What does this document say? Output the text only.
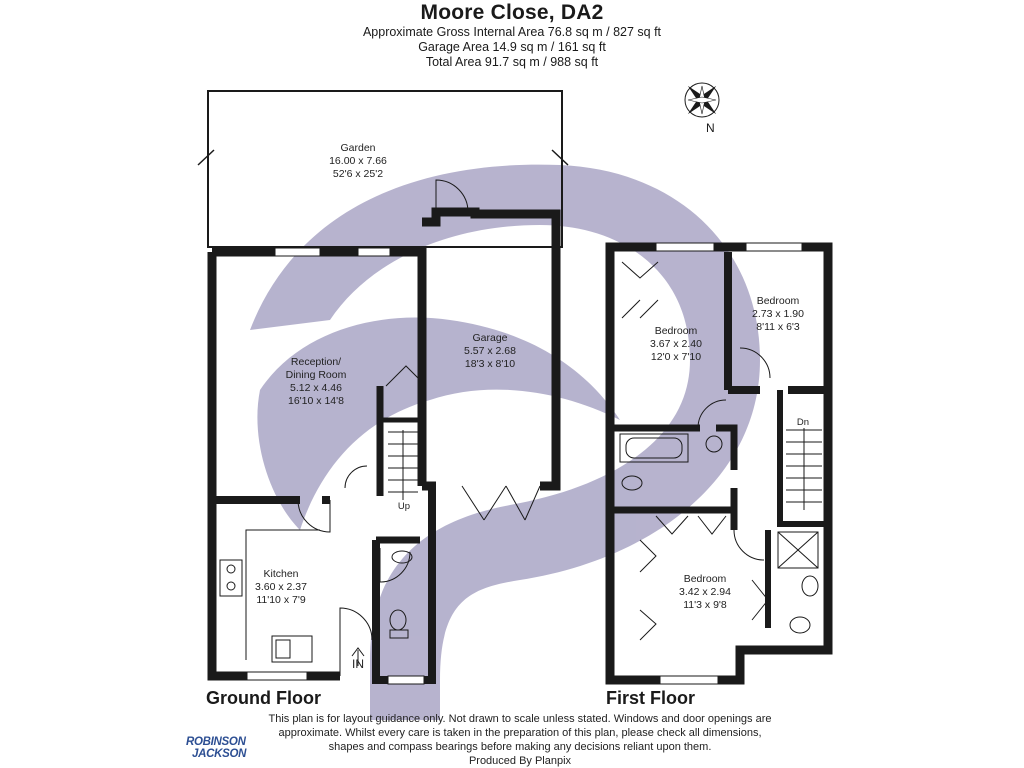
Moore Close, DA2
Approximate Gross Internal Area 76.8 sq m / 827 sq ft
Garage Area 14.9 sq m / 161 sq ft
Total Area 91.7 sq m / 988 sq ft
Garden
16.00 x 7.66
52'6 x 25'2
Garage
5.57 x 2.68
18'3 x 8'10
Reception/
Dining Room
5.12 x 4.46
16'10 x 14'8
Kitchen
3.60 x 2.37
11'10 x 7'9
Bedroom
3.67 x 2.40
12'0 x 7'10
Bedroom
2.73 x 1.90
8'11 x 6'3
Bedroom
3.42 x 2.94
11'3 x 9'8
Up
Dn
IN
N
Ground Floor	First Floor
This plan is for layout guidance only. Not drawn to scale unless stated. Windows and door openings are approximate. Whilst every care is taken in the preparation of this plan, please check all dimensions, shapes and compass bearings before making any decisions reliant upon them.
Produced By Planpix
ROBINSON
JACKSON
